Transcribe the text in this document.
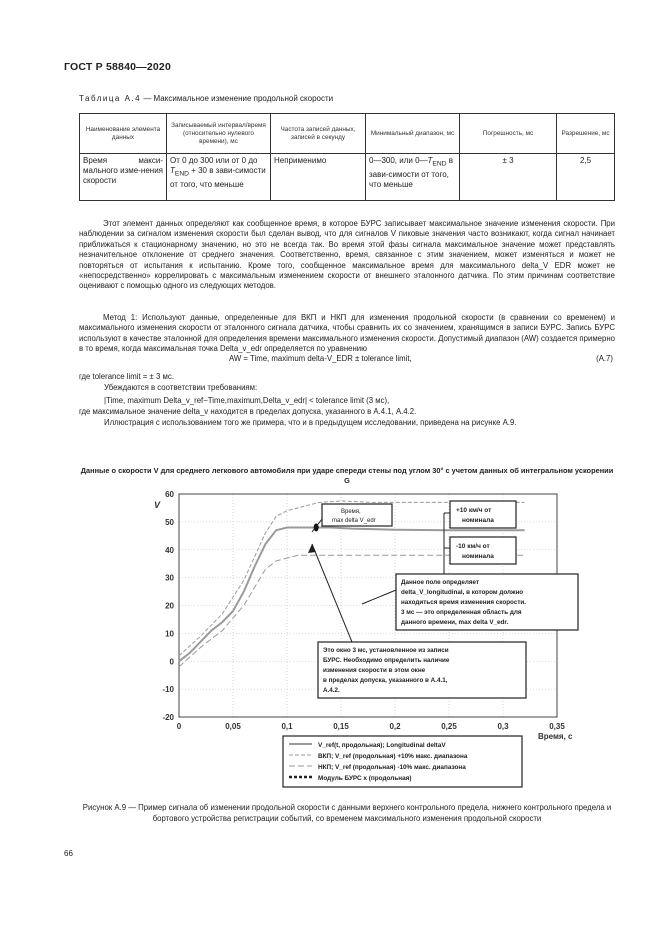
ГОСТ Р 58840—2020
Таблица А.4 — Максимальное изменение продольной скорости
Наименование элемента данных	Записываемый интервал/время (относительно нулевого времени), мс	Частота записей данных, записей в секунду	Минимальный диапазон, мс	Погрешность, мс	Разрешение, мс
Время макси-мального изме-нения скорости	От 0 до 300 или от 0 до $T_{END} + 30$ в зави-симости от того, что меньше	Неприменимо	0—300, или $0—T_{END}$ в зави-симости от того, что меньше	± 3	2,5
Этот элемент данных определяют как сообщенное время, в которое БУРС записывает максимальное значение изменения скорости. При наблюдении за сигналом изменения скорости был сделан вывод, что для сигналов V пиковые значения часто возникают, когда сигнал начинает приближаться к стационарному значению, но это не всегда так. Во время этой фазы сигнала максимальное значение может представлять незначительное отклонение от среднего значения. Соответственно, время, связанное с этим значением, может изменяться и может не повторяться от испытания к испытанию. Кроме того, сообщенное максимальное время для максимального delta_V EDR может не «непосредственно» коррелировать с максимальным изменением скорости от внешнего эталонного датчика. По этим причинам соответствие оценивают с помощью одного из следующих методов.
Метод 1: Используют данные, определенные для ВКП и НКП для изменения продольной скорости (в сравнении со временем) и максимального изменения скорости от эталонного сигнала датчика, чтобы сравнить их со значением, хранящимся в записи БУРС. Запись БУРС используют в качестве эталонной для определения времени максимального изменения скорости. Допустимый диапазон (AW) создается примерно в то время, когда максимальная точка Delta_v_edr определяется по уравнению
AW = Time, maximum delta-V_EDR ± tolerance limit,	(А.7)
где tolerance limit = ± 3 мс.
Убеждаются в соответствии требованиям:
|Time, maximum Delta_v_ref−Time,maximum,Delta_v_edr| < tolerance limit (3 мс),
где максимальное значение delta_v находится в пределах допуска, указанного в А.4.1, А.4.2.
Иллюстрация с использованием того же примера, что и в предыдущем исследовании, приведена на рисунке А.9.
Данные о скорости V для среднего легкового автомобиля при ударе спереди стены под углом 30° с учетом данных об интегральном ускорении G
60
50
40
30
20
10
0
-10
-20
0	0,05	0,1	0,15	0,2	0,25	0,3	0,35
V
Время, с
Время, max delta V_edr
+10 км/ч от номинала
-10 км/ч от номинала
Данное поле определяет delta_V_longitudinal, в котором должно находиться время изменения скорости. 3 мс — это определенная область для данного времени, max delta V_edr.
Это окно 3 мс, установленное из записи БУРС. Необходимо определить наличие изменения скорости в этом окне в пределах допуска, указанного в А.4.1, А.4.2.
V_ref(t, продольная); Longitudinal deltaV
ВКП; V_ref (продольная) +10% макс. диапазона
НКП; V_ref (продольная) -10% макс. диапазона
Модуль БУРС x (продольная)
Рисунок А.9 — Пример сигнала об изменении продольной скорости с данными верхнего контрольного предела, нижнего контрольного предела и бортового устройства регистрации событий, со временем максимального изменения продольной скорости
66
